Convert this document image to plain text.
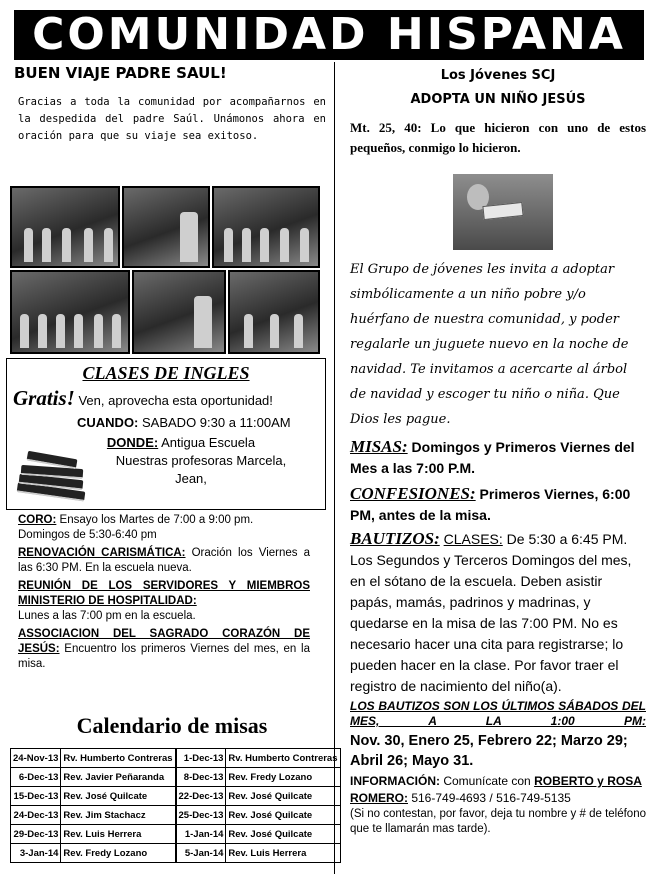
COMUNIDAD HISPANA
BUEN VIAJE PADRE SAUL!

Gracias a toda la comunidad por acompañarnos en la despedida del padre Saúl. Unámonos ahora en oración para que su viaje sea exitoso.

CLASES DE INGLES
Gratis! Ven, aprovecha esta oportunidad!
CUANDO: SABADO 9:30 a 11:00AM
DONDE: Antigua Escuela
Nuestras profesoras Marcela,
Jean,

CORO: Ensayo los Martes de 7:00 a 9:00 pm.
Domingos de 5:30-6:40 pm

RENOVACIÓN CARISMÁTICA: Oración los Viernes a las 6:30 PM. En la escuela nueva.

REUNIÓN DE LOS SERVIDORES Y MIEMBROS MINISTERIO DE HOSPITALIDAD:
Lunes a las 7:00 pm en la escuela.

ASSOCIACION DEL SAGRADO CORAZÓN DE JESÚS: Encuentro los primeros Viernes del mes, en la misa.

Calendario de misas
24-Nov-13	Rv. Humberto Contreras		1-Dec-13	Rv. Humberto Contreras
6-Dec-13	Rev. Javier Peñaranda		8-Dec-13	Rev. Fredy Lozano
15-Dec-13	Rev. José Quilcate		22-Dec-13	Rev. José Quilcate
24-Dec-13	Rev. Jim Stachacz		25-Dec-13	Rev. José Quilcate
29-Dec-13	Rev. Luis Herrera		1-Jan-14	Rev. José Quilcate
3-Jan-14	Rev. Fredy Lozano		5-Jan-14	Rev. Luis Herrera
Los Jóvenes SCJ
ADOPTA UN NIÑO JESÚS

Mt. 25, 40: Lo que hicieron con uno de estos pequeños, conmigo lo hicieron.

El Grupo de jóvenes les invita a adoptar simbólicamente a un niño pobre y/o huérfano de nuestra comunidad, y poder regalarle un juguete nuevo en la noche de navidad. Te invitamos a acercarte al árbol de navidad y escoger tu niño o niña. Que Dios les pague.

MISAS: Domingos y Primeros Viernes del Mes a las 7:00 P.M.

CONFESIONES: Primeros Viernes, 6:00 PM, antes de la misa.

BAUTIZOS: CLASES: De 5:30 a 6:45 PM. Los Segundos y Terceros Domingos del mes, en el sótano de la escuela. Deben asistir papás, mamás, padrinos y madrinas, y quedarse en la misa de las 7:00 PM. No es necesario hacer una cita para registrarse; lo pueden hacer en la clase. Por favor traer el registro de nacimiento del niño(a).

LOS BAUTIZOS SON LOS ÚLTIMOS SÁBADOS DEL MES, A LA 1:00 PM:

Nov. 30, Enero 25, Febrero 22; Marzo 29; Abril 26; Mayo 31.

INFORMACIÓN: Comunícate con ROBERTO y ROSA ROMERO: 516-749-4693 / 516-749-5135

(Si no contestan, por favor, deja tu nombre y # de teléfono que te llamarán mas tarde).
